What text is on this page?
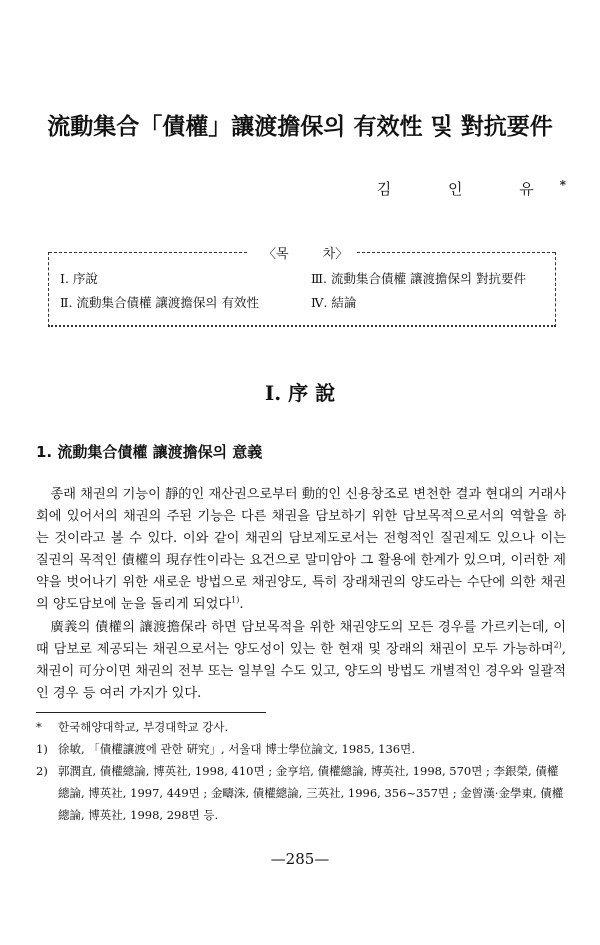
流動集合「債權」讓渡擔保의 有效性 및 對抗要件
김 인 유*
〈목	차〉
Ⅰ. 序說
Ⅱ. 流動集合債權 讓渡擔保의 有效性
Ⅲ. 流動集合債權 讓渡擔保의 對抗要件
Ⅳ. 結論
Ⅰ. 序 說
1. 流動集合債權 讓渡擔保의 意義

종래 채권의 기능이 靜的인 재산권으로부터 動的인 신용창조로 변천한 결과 현대의 거래사회에 있어서의 채권의 주된 기능은 다른 채권을 담보하기 위한 담보목적으로서의 역할을 하는 것이라고 볼 수 있다. 이와 같이 채권의 담보제도로서는 전형적인 질권제도 있으나 이는 질권의 목적인 債權의 現存性이라는 요건으로 말미암아 그 활용에 한계가 있으며, 이러한 제약을 벗어나기 위한 새로운 방법으로 채권양도, 특히 장래채권의 양도라는 수단에 의한 채권의 양도담보에 눈을 돌리게 되었다$^{1)}$.

廣義의 債權의 讓渡擔保라 하면 담보목적을 위한 채권양도의 모든 경우를 가르키는데, 이때 담보로 제공되는 채권으로서는 양도성이 있는 한 현재 및 장래의 채권이 모두 가능하며$^{2)}$, 채권이 可分이면 채권의 전부 또는 일부일 수도 있고, 양도의 방법도 개별적인 경우와 일괄적인 경우 등 여러 가지가 있다.

* 한국해양대학교, 부경대학교 강사.
1) 徐敏, 「債權讓渡에 관한 硏究」, 서울대 博士學位論文, 1985, 136면.
2) 郭潤直, 債權總論, 博英社, 1998, 410면 ; 金亨培, 債權總論, 博英社, 1998, 570면 ; 李銀榮, 債權總論, 博英社, 1997, 449면 ; 金疇洙, 債權總論, 三英社, 1996, 356~357면 ; 金曾漢·金學東, 債權總論, 博英社, 1998, 298면 등.
—285—
